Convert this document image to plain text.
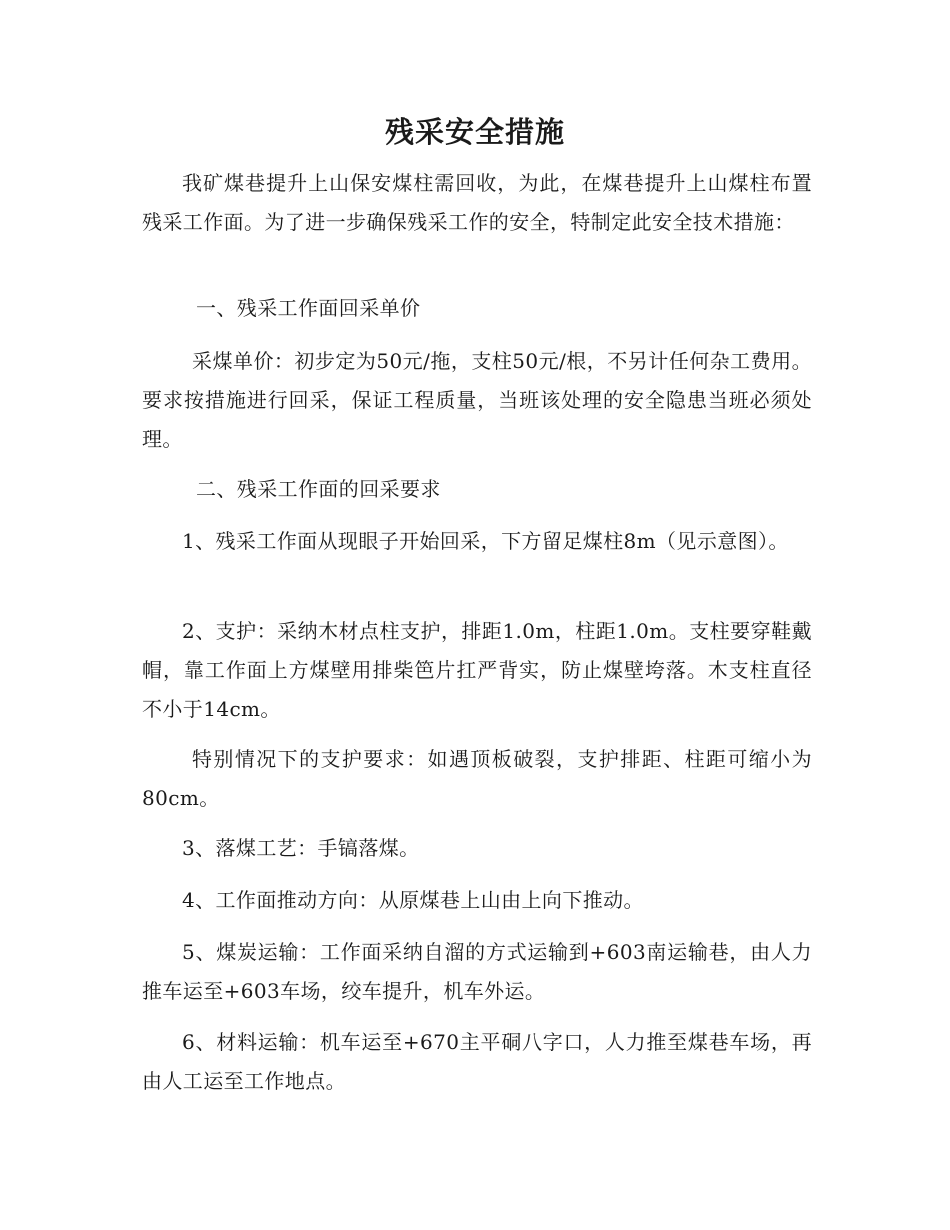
残采安全措施

我矿煤巷提升上山保安煤柱需回收，为此，在煤巷提升上山煤柱布置残采工作面。为了进一步确保残采工作的安全，特制定此安全技术措施：

一、残采工作面回采单价

采煤单价：初步定为50元/拖，支柱50元/根，不另计任何杂工费用。要求按措施进行回采，保证工程质量，当班该处理的安全隐患当班必须处理。

二、残采工作面的回采要求

1、残采工作面从现眼子开始回采，下方留足煤柱8m（见示意图）。

2、支护：采纳木材点柱支护，排距1.0m，柱距1.0m。支柱要穿鞋戴帽，靠工作面上方煤壁用排柴笆片扛严背实，防止煤壁垮落。木支柱直径不小于14cm。

特别情况下的支护要求：如遇顶板破裂，支护排距、柱距可缩小为80cm。

3、落煤工艺：手镐落煤。

4、工作面推动方向：从原煤巷上山由上向下推动。

5、煤炭运输：工作面采纳自溜的方式运输到+603南运输巷，由人力推车运至+603车场，绞车提升，机车外运。

6、材料运输：机车运至+670主平硐八字口，人力推至煤巷车场，再由人工运至工作地点。
